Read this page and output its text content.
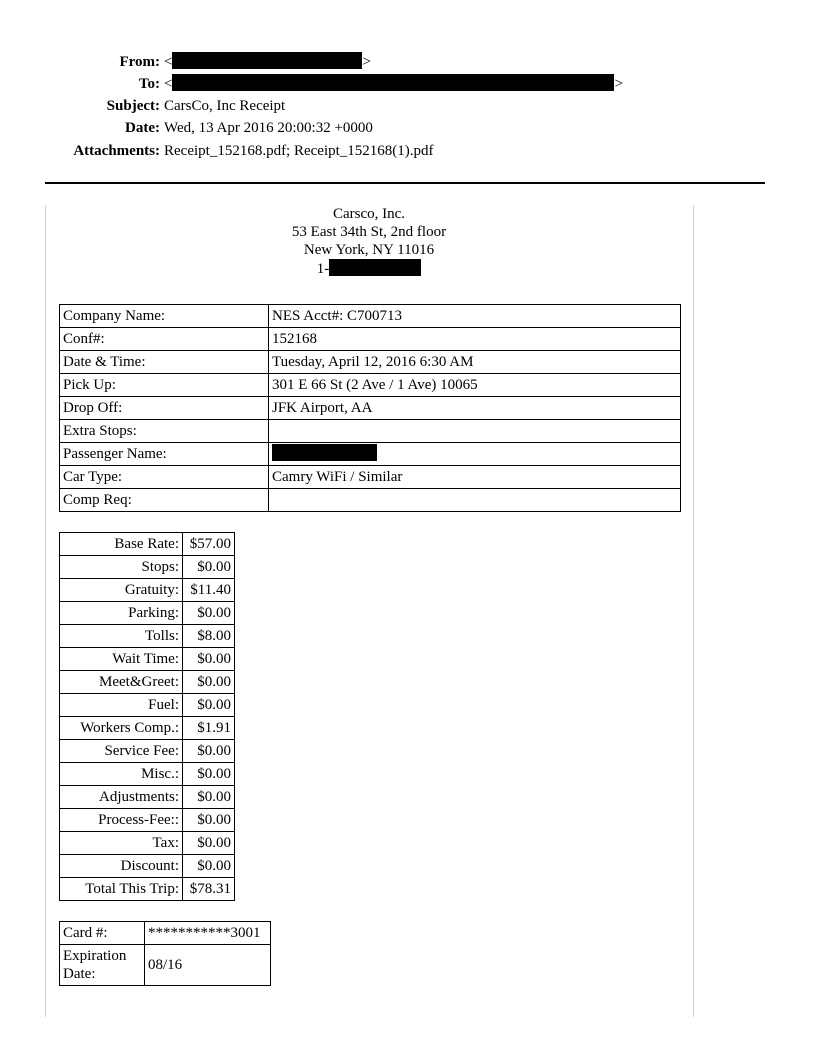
From: <	>
To: <	>
Subject: CarsCo, Inc Receipt
Date: Wed, 13 Apr 2016 20:00:32 +0000
Attachments: Receipt_152168.pdf; Receipt_152168(1).pdf
Carsco, Inc.
53 East 34th St, 2nd floor
New York, NY 11016
1-
Company Name:	NES Acct#: C700713
Conf#:	152168
Date & Time:	Tuesday, April 12, 2016 6:30 AM
Pick Up:	301 E 66 St (2 Ave / 1 Ave) 10065
Drop Off:	JFK Airport, AA
Extra Stops:	
Passenger Name:	
Car Type:	Camry WiFi / Similar
Comp Req:	
Base Rate:	$57.00
Stops:	$0.00
Gratuity:	$11.40
Parking:	$0.00
Tolls:	$8.00
Wait Time:	$0.00
Meet&Greet:	$0.00
Fuel:	$0.00
Workers Comp.:	$1.91
Service Fee:	$0.00
Misc.:	$0.00
Adjustments:	$0.00
Process-Fee::	$0.00
Tax:	$0.00
Discount:	$0.00
Total This Trip:	$78.31
Card #:	***********3001
Expiration Date:	08/16
